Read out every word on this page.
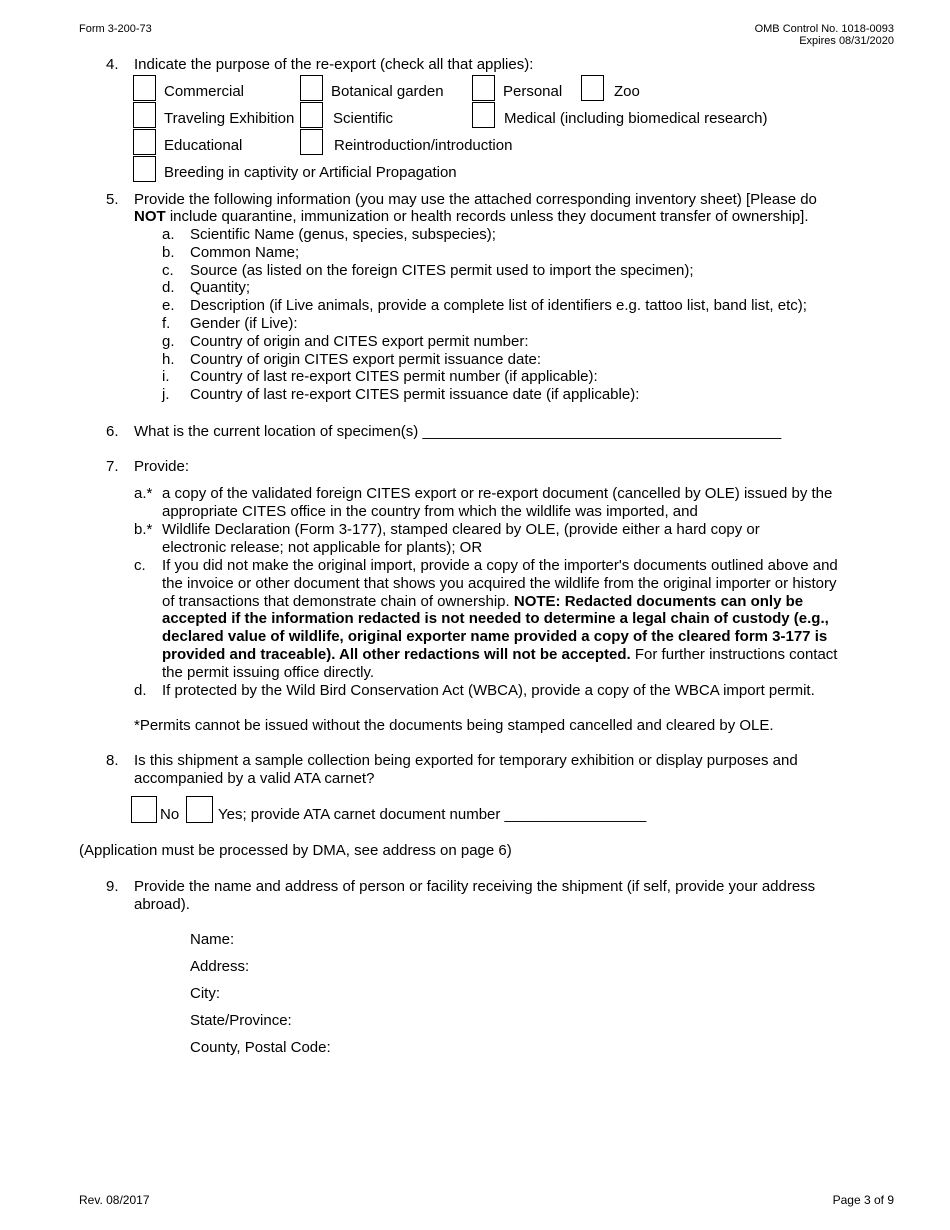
Form 3-200-73	OMB Control No. 1018-0093
Expires 08/31/2020
4. Indicate the purpose of the re-export (check all that applies):
Commercial	Botanical garden	Personal	Zoo
Traveling Exhibition	Scientific	Medical (including biomedical research)
Educational	Reintroduction/introduction
Breeding in captivity or Artificial Propagation
5. Provide the following information (you may use the attached corresponding inventory sheet) [Please do
NOT include quarantine, immunization or health records unless they document transfer of ownership].
a. Scientific Name (genus, species, subspecies);
b. Common Name;
c. Source (as listed on the foreign CITES permit used to import the specimen);
d. Quantity;
e. Description (if Live animals, provide a complete list of identifiers e.g. tattoo list, band list, etc);
f. Gender (if Live):
g. Country of origin and CITES export permit number:
h. Country of origin CITES export permit issuance date:
i. Country of last re-export CITES permit number (if applicable):
j. Country of last re-export CITES permit issuance date (if applicable):
6. What is the current location of specimen(s) ___________________________________________
7. Provide:
a.* a copy of the validated foreign CITES export or re-export document (cancelled by OLE) issued by the appropriate CITES office in the country from which the wildlife was imported, and
b.* Wildlife Declaration (Form 3-177), stamped cleared by OLE, (provide either a hard copy or electronic release; not applicable for plants); OR
c. If you did not make the original import, provide a copy of the importer's documents outlined above and the invoice or other document that shows you acquired the wildlife from the original importer or history of transactions that demonstrate chain of ownership. NOTE: Redacted documents can only be accepted if the information redacted is not needed to determine a legal chain of custody (e.g., declared value of wildlife, original exporter name provided a copy of the cleared form 3-177 is provided and traceable). All other redactions will not be accepted. For further instructions contact the permit issuing office directly.
d. If protected by the Wild Bird Conservation Act (WBCA), provide a copy of the WBCA import permit.
*Permits cannot be issued without the documents being stamped cancelled and cleared by OLE.
8. Is this shipment a sample collection being exported for temporary exhibition or display purposes and accompanied by a valid ATA carnet?
No	Yes; provide ATA carnet document number _________________
(Application must be processed by DMA, see address on page 6)
9. Provide the name and address of person or facility receiving the shipment (if self, provide your address abroad).
Name:
Address:
City:
State/Province:
County, Postal Code:
Rev. 08/2017	Page 3 of 9
